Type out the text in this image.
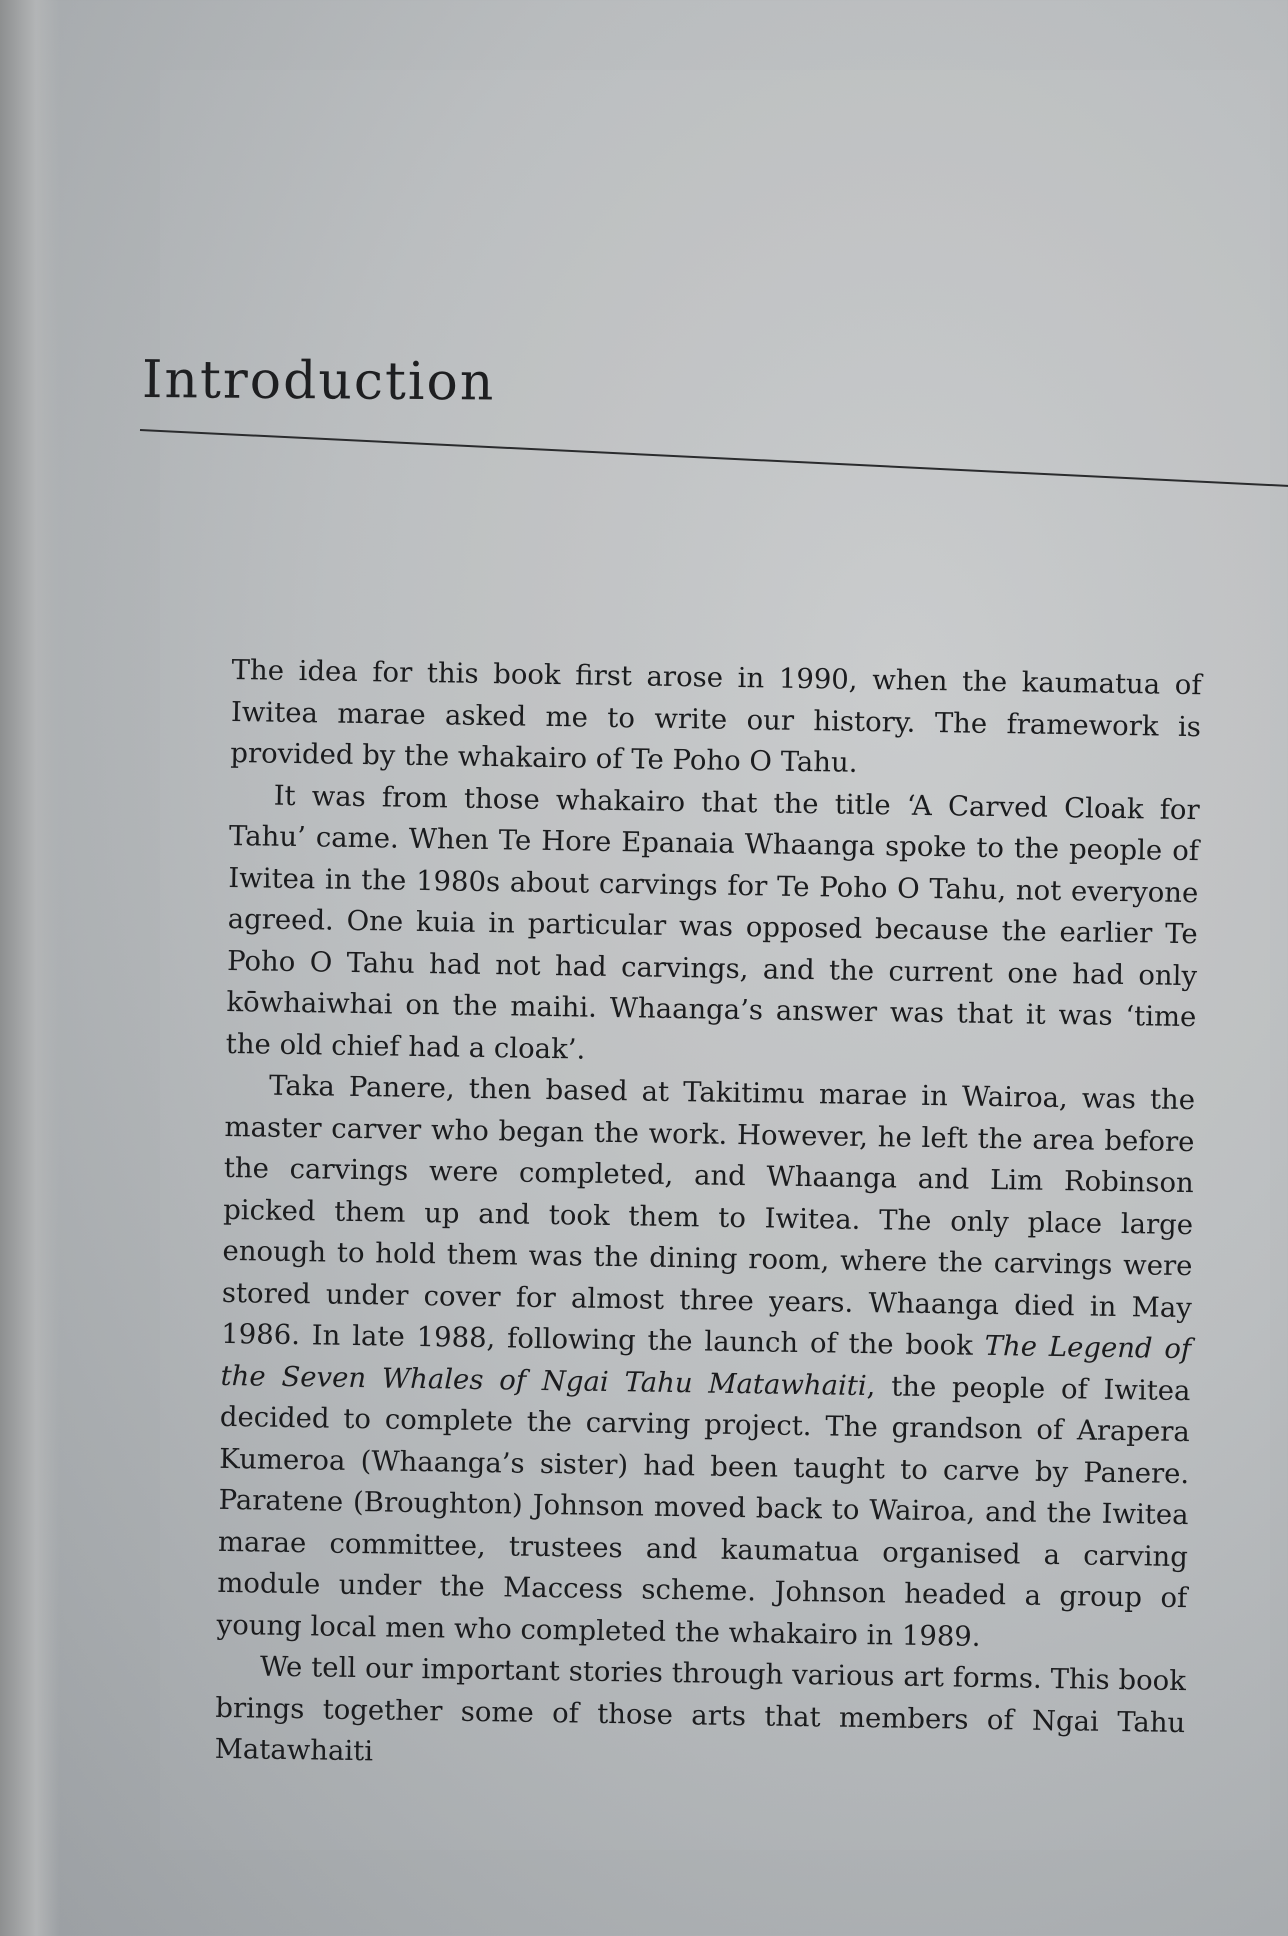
Introduction

The idea for this book first arose in 1990, when the kaumatua of Iwitea marae asked me to write our history. The framework is provided by the whakairo of Te Poho O Tahu.

It was from those whakairo that the title ‘A Carved Cloak for Tahu’ came. When Te Hore Epanaia Whaanga spoke to the people of Iwitea in the 1980s about carvings for Te Poho O Tahu, not everyone agreed. One kuia in particular was opposed because the earlier Te Poho O Tahu had not had carvings, and the current one had only kōwhaiwhai on the maihi. Whaanga’s answer was that it was ‘time the old chief had a cloak’.

Taka Panere, then based at Takitimu marae in Wairoa, was the master carver who began the work. However, he left the area before the carvings were completed, and Whaanga and Lim Robinson picked them up and took them to Iwitea. The only place large enough to hold them was the dining room, where the carvings were stored under cover for almost three years. Whaanga died in May 1986. In late 1988, following the launch of the book The Legend of the Seven Whales of Ngai Tahu Matawhaiti, the people of Iwitea decided to complete the carving project. The grandson of Arapera Kumeroa (Whaanga’s sister) had been taught to carve by Panere. Paratene (Broughton) Johnson moved back to Wairoa, and the Iwitea marae committee, trustees and kaumatua organised a carving module under the Maccess scheme. Johnson headed a group of young local men who completed the whakairo in 1989.

We tell our important stories through various art forms. This book brings together some of those arts that members of Ngai Tahu Matawhaiti
